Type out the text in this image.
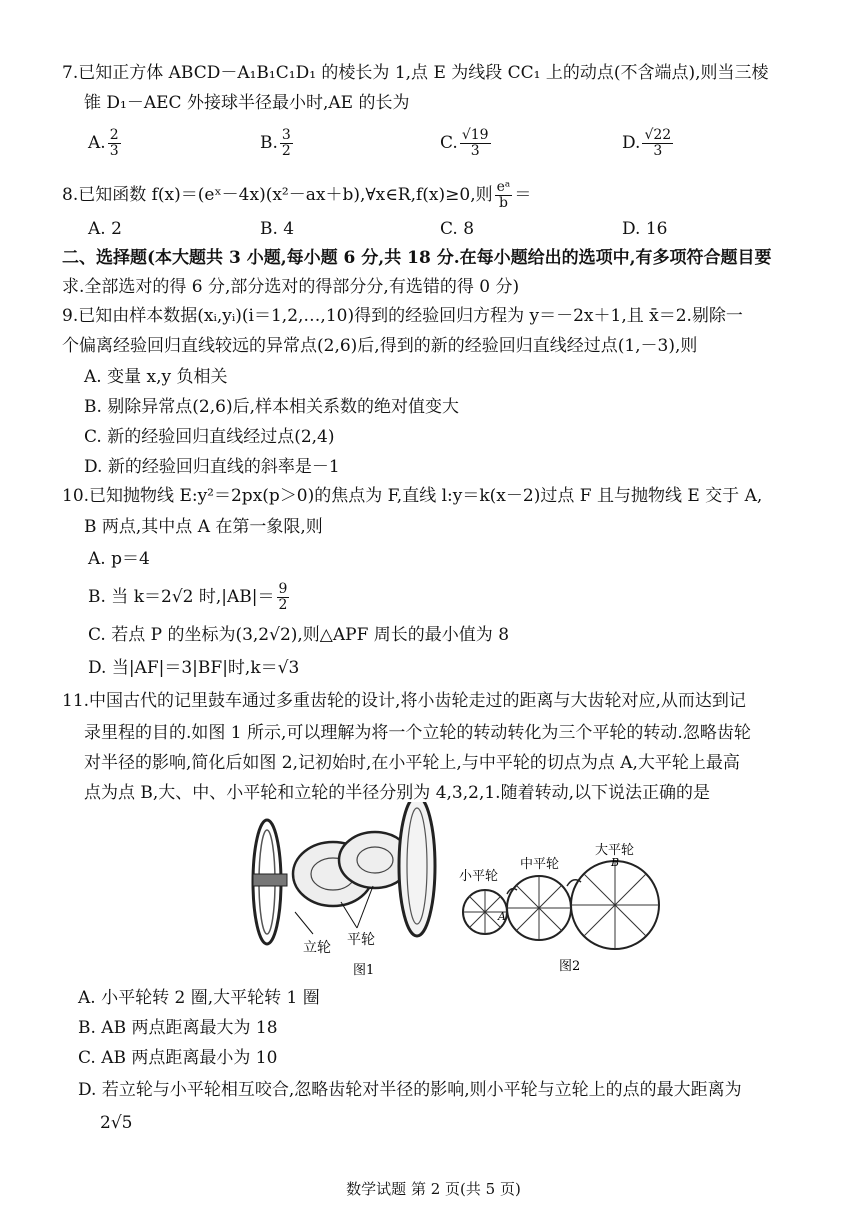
7.已知正方体 ABCD－A₁B₁C₁D₁ 的棱长为 1,点 E 为线段 CC₁ 上的动点(不含端点),则当三棱
锥 D₁－AEC 外接球半径最小时,AE 的长为
A. $\frac{2}{3}$	B. $\frac{3}{2}$	C. $\frac{√19}{3}$	D. $\frac{√22}{3}$
8.已知函数 f(x)＝(eˣ－4x)(x²－ax＋b),∀x∈R,f(x)≥0,则 $\frac{\text{eᵃ}}{b}$ ＝
A. 2	B. 4	C. 8	D. 16
二、选择题(本大题共 3 小题,每小题 6 分,共 18 分.在每小题给出的选项中,有多项符合题目要
求.全部选对的得 6 分,部分选对的得部分分,有选错的得 0 分)
9.已知由样本数据(xᵢ,yᵢ)(i＝1,2,…,10)得到的经验回归方程为 y＝－2x＋1,且 x̄＝2.剔除一
个偏离经验回归直线较远的异常点(2,6)后,得到的新的经验回归直线经过点(1,－3),则
A. 变量 x,y 负相关
B. 剔除异常点(2,6)后,样本相关系数的绝对值变大
C. 新的经验回归直线经过点(2,4)
D. 新的经验回归直线的斜率是－1
10.已知抛物线 E:y²＝2px(p＞0)的焦点为 F,直线 l:y＝k(x－2)过点 F 且与抛物线 E 交于 A,
B 两点,其中点 A 在第一象限,则
A. p＝4
B. 当 k＝2√2 时$,|AB|= \frac{9}{2}$
C. 若点 P 的坐标为(3,2√2),则△APF 周长的最小值为 8
D. 当|AF|＝3|BF|时,k＝√3
11.中国古代的记里鼓车通过多重齿轮的设计,将小齿轮走过的距离与大齿轮对应,从而达到记
录里程的目的.如图 1 所示,可以理解为将一个立轮的转动转化为三个平轮的转动.忽略齿轮
对半径的影响,简化后如图 2,记初始时,在小平轮上,与中平轮的切点为点 A,大平轮上最高
点为点 B,大、中、小平轮和立轮的半径分别为 4,3,2,1.随着转动,以下说法正确的是
立轮 平轮
图1
小平轮
中平轮
大平轮
A
B
图2
A. 小平轮转 2 圈,大平轮转 1 圈
B. AB 两点距离最大为 18
C. AB 两点距离最小为 10
D. 若立轮与小平轮相互咬合,忽略齿轮对半径的影响,则小平轮与立轮上的点的最大距离为
2√5
数学试题 第 2 页(共 5 页)
